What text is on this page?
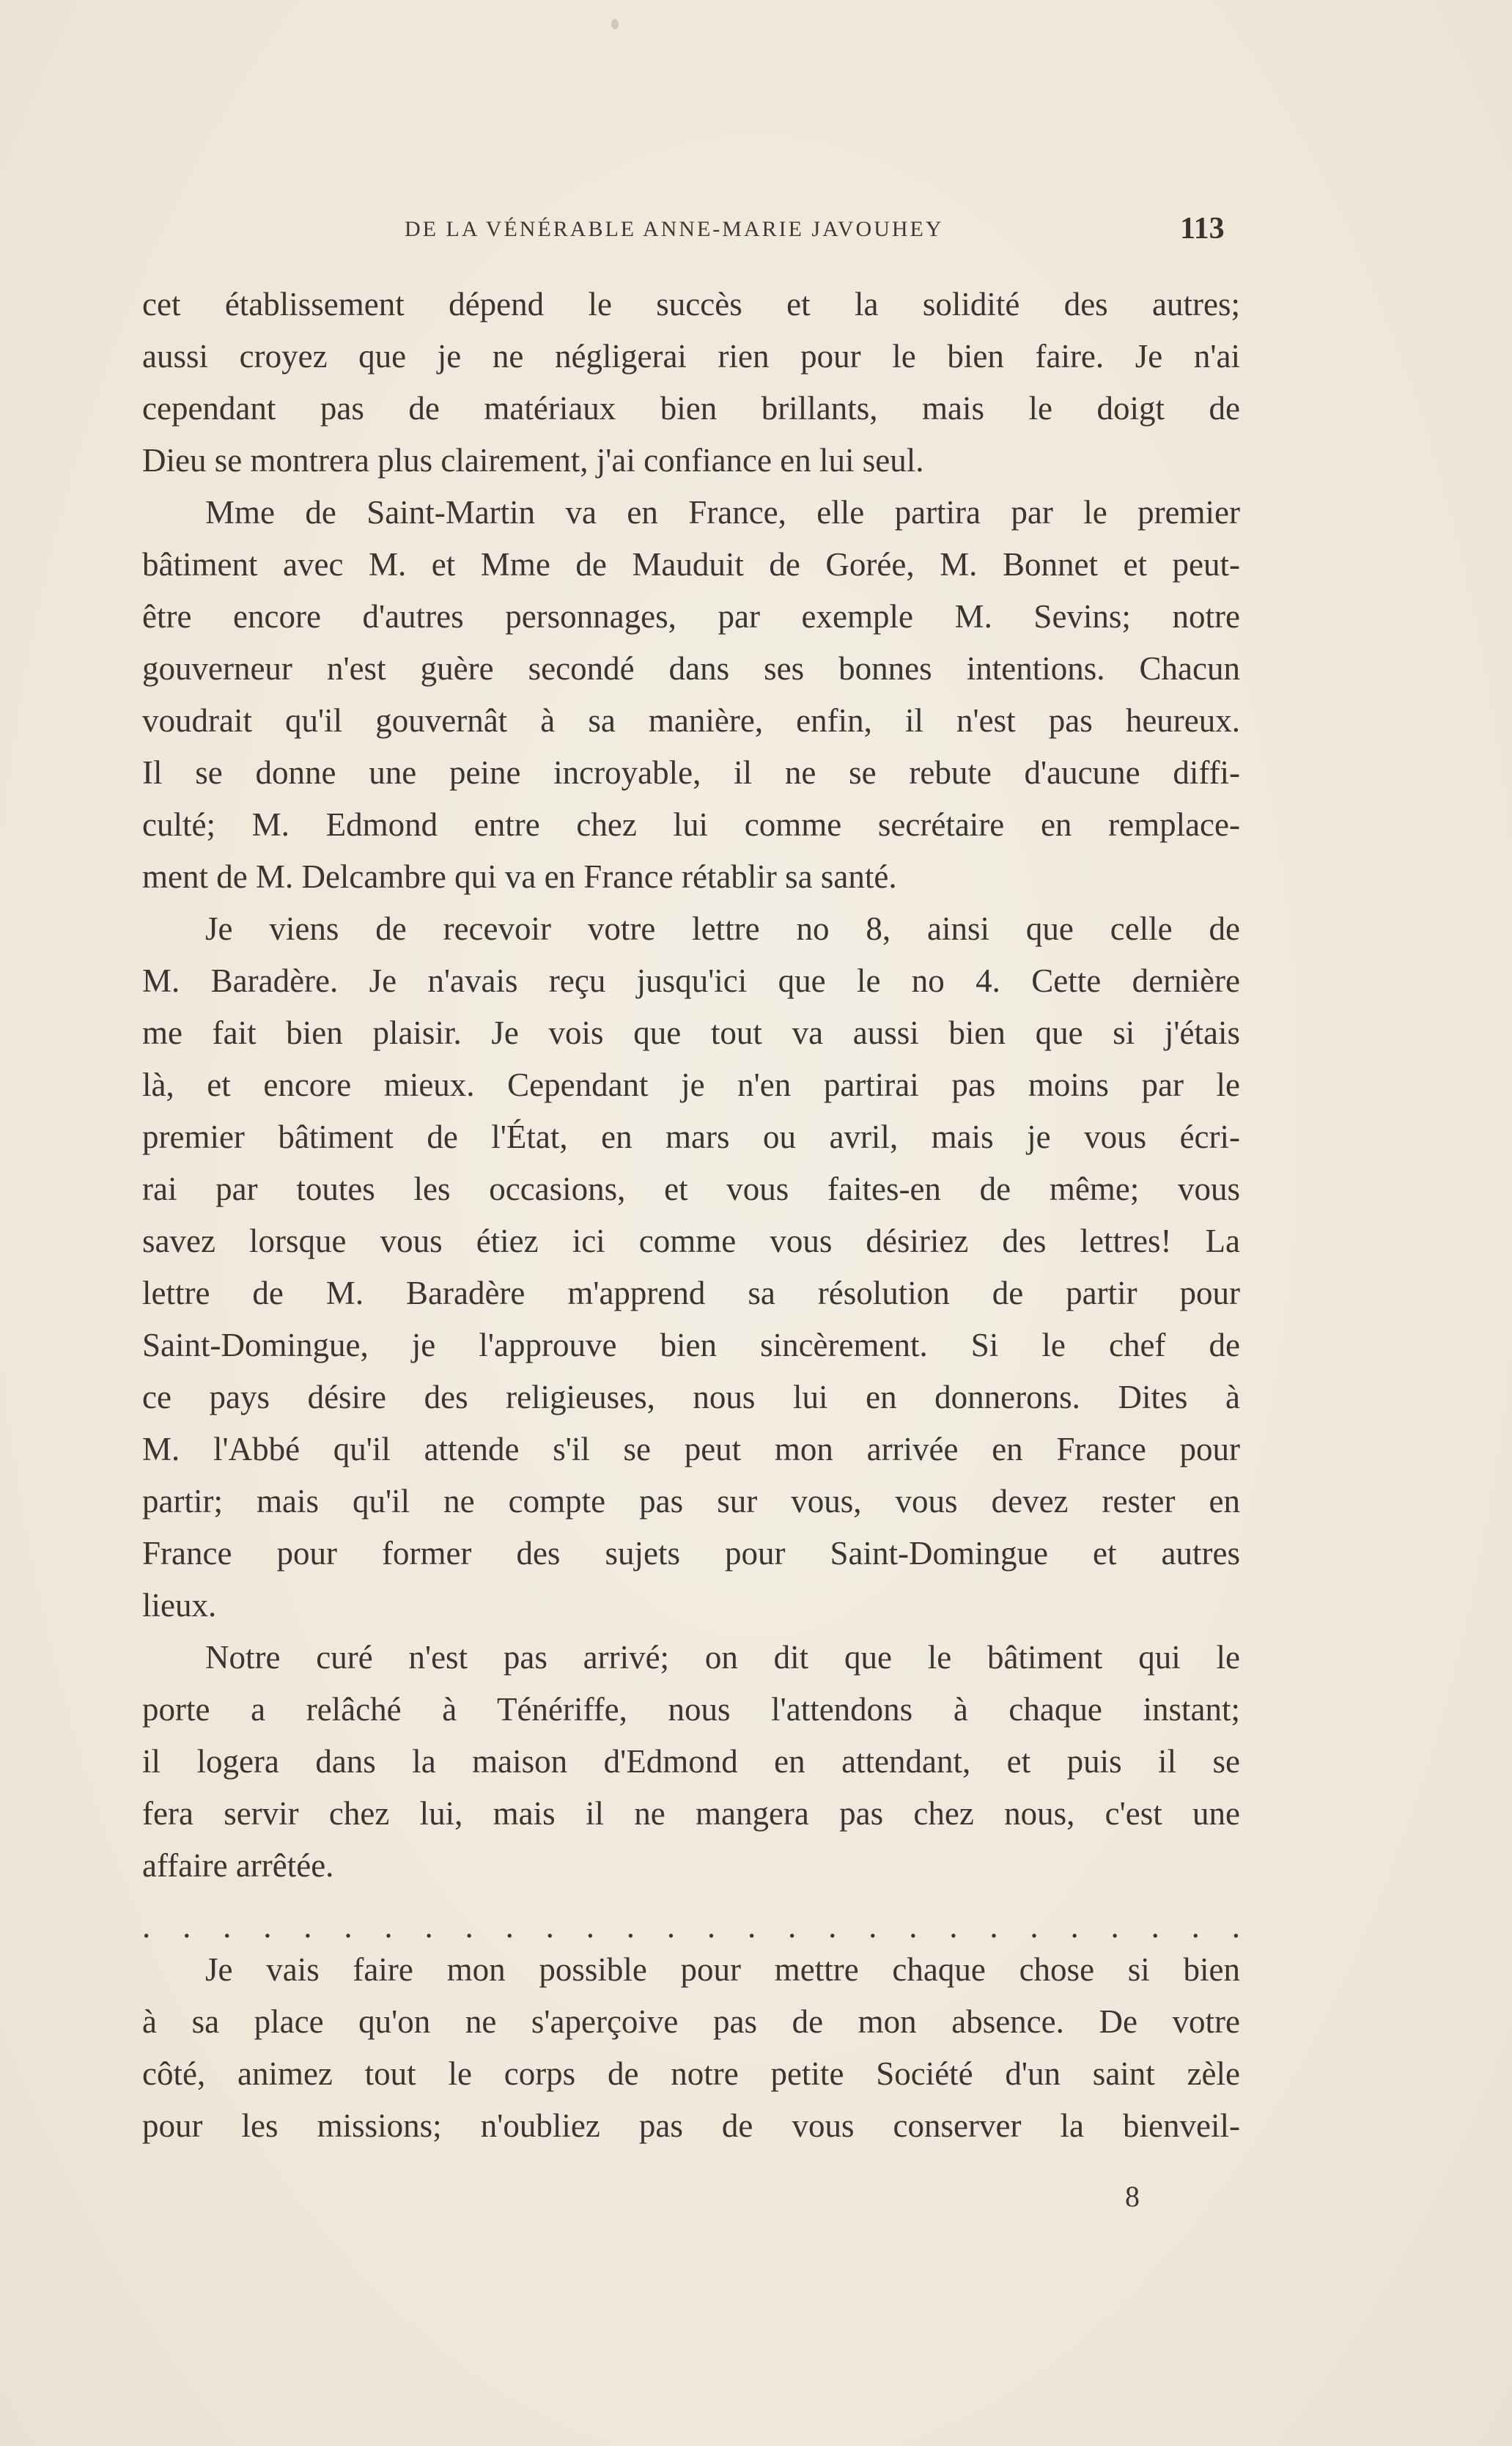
DE LA VÉNÉRABLE ANNE-MARIE JAVOUHEY	113
cet établissement dépend le succès et la solidité des autres;
aussi croyez que je ne négligerai rien pour le bien faire. Je n'ai
cependant pas de matériaux bien brillants, mais le doigt de
Dieu se montrera plus clairement, j'ai confiance en lui seul.
Mme de Saint-Martin va en France, elle partira par le premier
bâtiment avec M. et Mme de Mauduit de Gorée, M. Bonnet et peut-
être encore d'autres personnages, par exemple M. Sevins; notre
gouverneur n'est guère secondé dans ses bonnes intentions. Chacun
voudrait qu'il gouvernât à sa manière, enfin, il n'est pas heureux.
Il se donne une peine incroyable, il ne se rebute d'aucune diffi-
culté; M. Edmond entre chez lui comme secrétaire en remplace-
ment de M. Delcambre qui va en France rétablir sa santé.
Je viens de recevoir votre lettre no 8, ainsi que celle de
M. Baradère. Je n'avais reçu jusqu'ici que le no 4. Cette dernière
me fait bien plaisir. Je vois que tout va aussi bien que si j'étais
là, et encore mieux. Cependant je n'en partirai pas moins par le
premier bâtiment de l'État, en mars ou avril, mais je vous écri-
rai par toutes les occasions, et vous faites-en de même; vous
savez lorsque vous étiez ici comme vous désiriez des lettres! La
lettre de M. Baradère m'apprend sa résolution de partir pour
Saint-Domingue, je l'approuve bien sincèrement. Si le chef de
ce pays désire des religieuses, nous lui en donnerons. Dites à
M. l'Abbé qu'il attende s'il se peut mon arrivée en France pour
partir; mais qu'il ne compte pas sur vous, vous devez rester en
France pour former des sujets pour Saint-Domingue et autres
lieux.
Notre curé n'est pas arrivé; on dit que le bâtiment qui le
porte a relâché à Ténériffe, nous l'attendons à chaque instant;
il logera dans la maison d'Edmond en attendant, et puis il se
fera servir chez lui, mais il ne mangera pas chez nous, c'est une
affaire arrêtée.
. . . . . . . . . . . . . . . . . . . . . . . . . . . .
Je vais faire mon possible pour mettre chaque chose si bien
à sa place qu'on ne s'aperçoive pas de mon absence. De votre
côté, animez tout le corps de notre petite Société d'un saint zèle
pour les missions; n'oubliez pas de vous conserver la bienveil-
8
